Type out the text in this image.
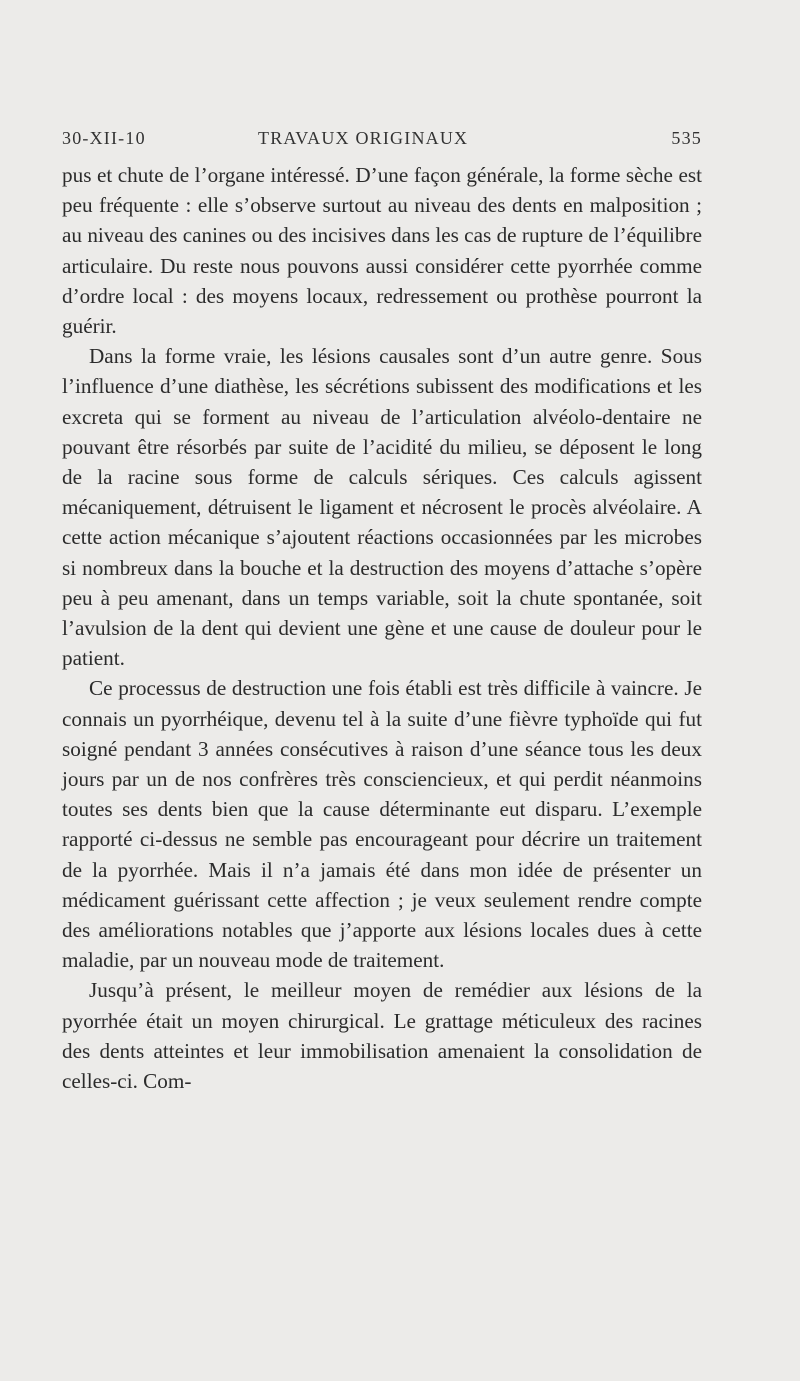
30-XII-10	TRAVAUX ORIGINAUX	535

pus et chute de l’organe intéressé. D’une façon générale, la forme sèche est peu fréquente : elle s’observe surtout au niveau des dents en malposition ; au niveau des canines ou des incisives dans les cas de rupture de l’équilibre articulaire. Du reste nous pouvons aussi considérer cette pyorrhée comme d’ordre local : des moyens locaux, redressement ou prothèse pourront la guérir.

Dans la forme vraie, les lésions causales sont d’un autre genre. Sous l’influence d’une diathèse, les sécrétions subissent des modifications et les excreta qui se forment au niveau de l’articulation alvéolo-dentaire ne pouvant être résorbés par suite de l’acidité du milieu, se déposent le long de la racine sous forme de calculs sériques. Ces calculs agissent mécaniquement, détruisent le ligament et nécrosent le procès alvéolaire. A cette action mécanique s’ajoutent réactions occasionnées par les microbes si nombreux dans la bouche et la destruction des moyens d’attache s’opère peu à peu amenant, dans un temps variable, soit la chute spontanée, soit l’avulsion de la dent qui devient une gène et une cause de douleur pour le patient.

Ce processus de destruction une fois établi est très difficile à vaincre. Je connais un pyorrhéique, devenu tel à la suite d’une fièvre typhoïde qui fut soigné pendant 3 années consécutives à raison d’une séance tous les deux jours par un de nos confrères très consciencieux, et qui perdit néanmoins toutes ses dents bien que la cause déterminante eut disparu. L’exemple rapporté ci-dessus ne semble pas encourageant pour décrire un traitement de la pyorrhée. Mais il n’a jamais été dans mon idée de présenter un médicament guérissant cette affection ; je veux seulement rendre compte des améliorations notables que j’apporte aux lésions locales dues à cette maladie, par un nouveau mode de traitement.

Jusqu’à présent, le meilleur moyen de remédier aux lésions de la pyorrhée était un moyen chirurgical. Le grattage méticuleux des racines des dents atteintes et leur immobilisation amenaient la consolidation de celles-ci. Com-
